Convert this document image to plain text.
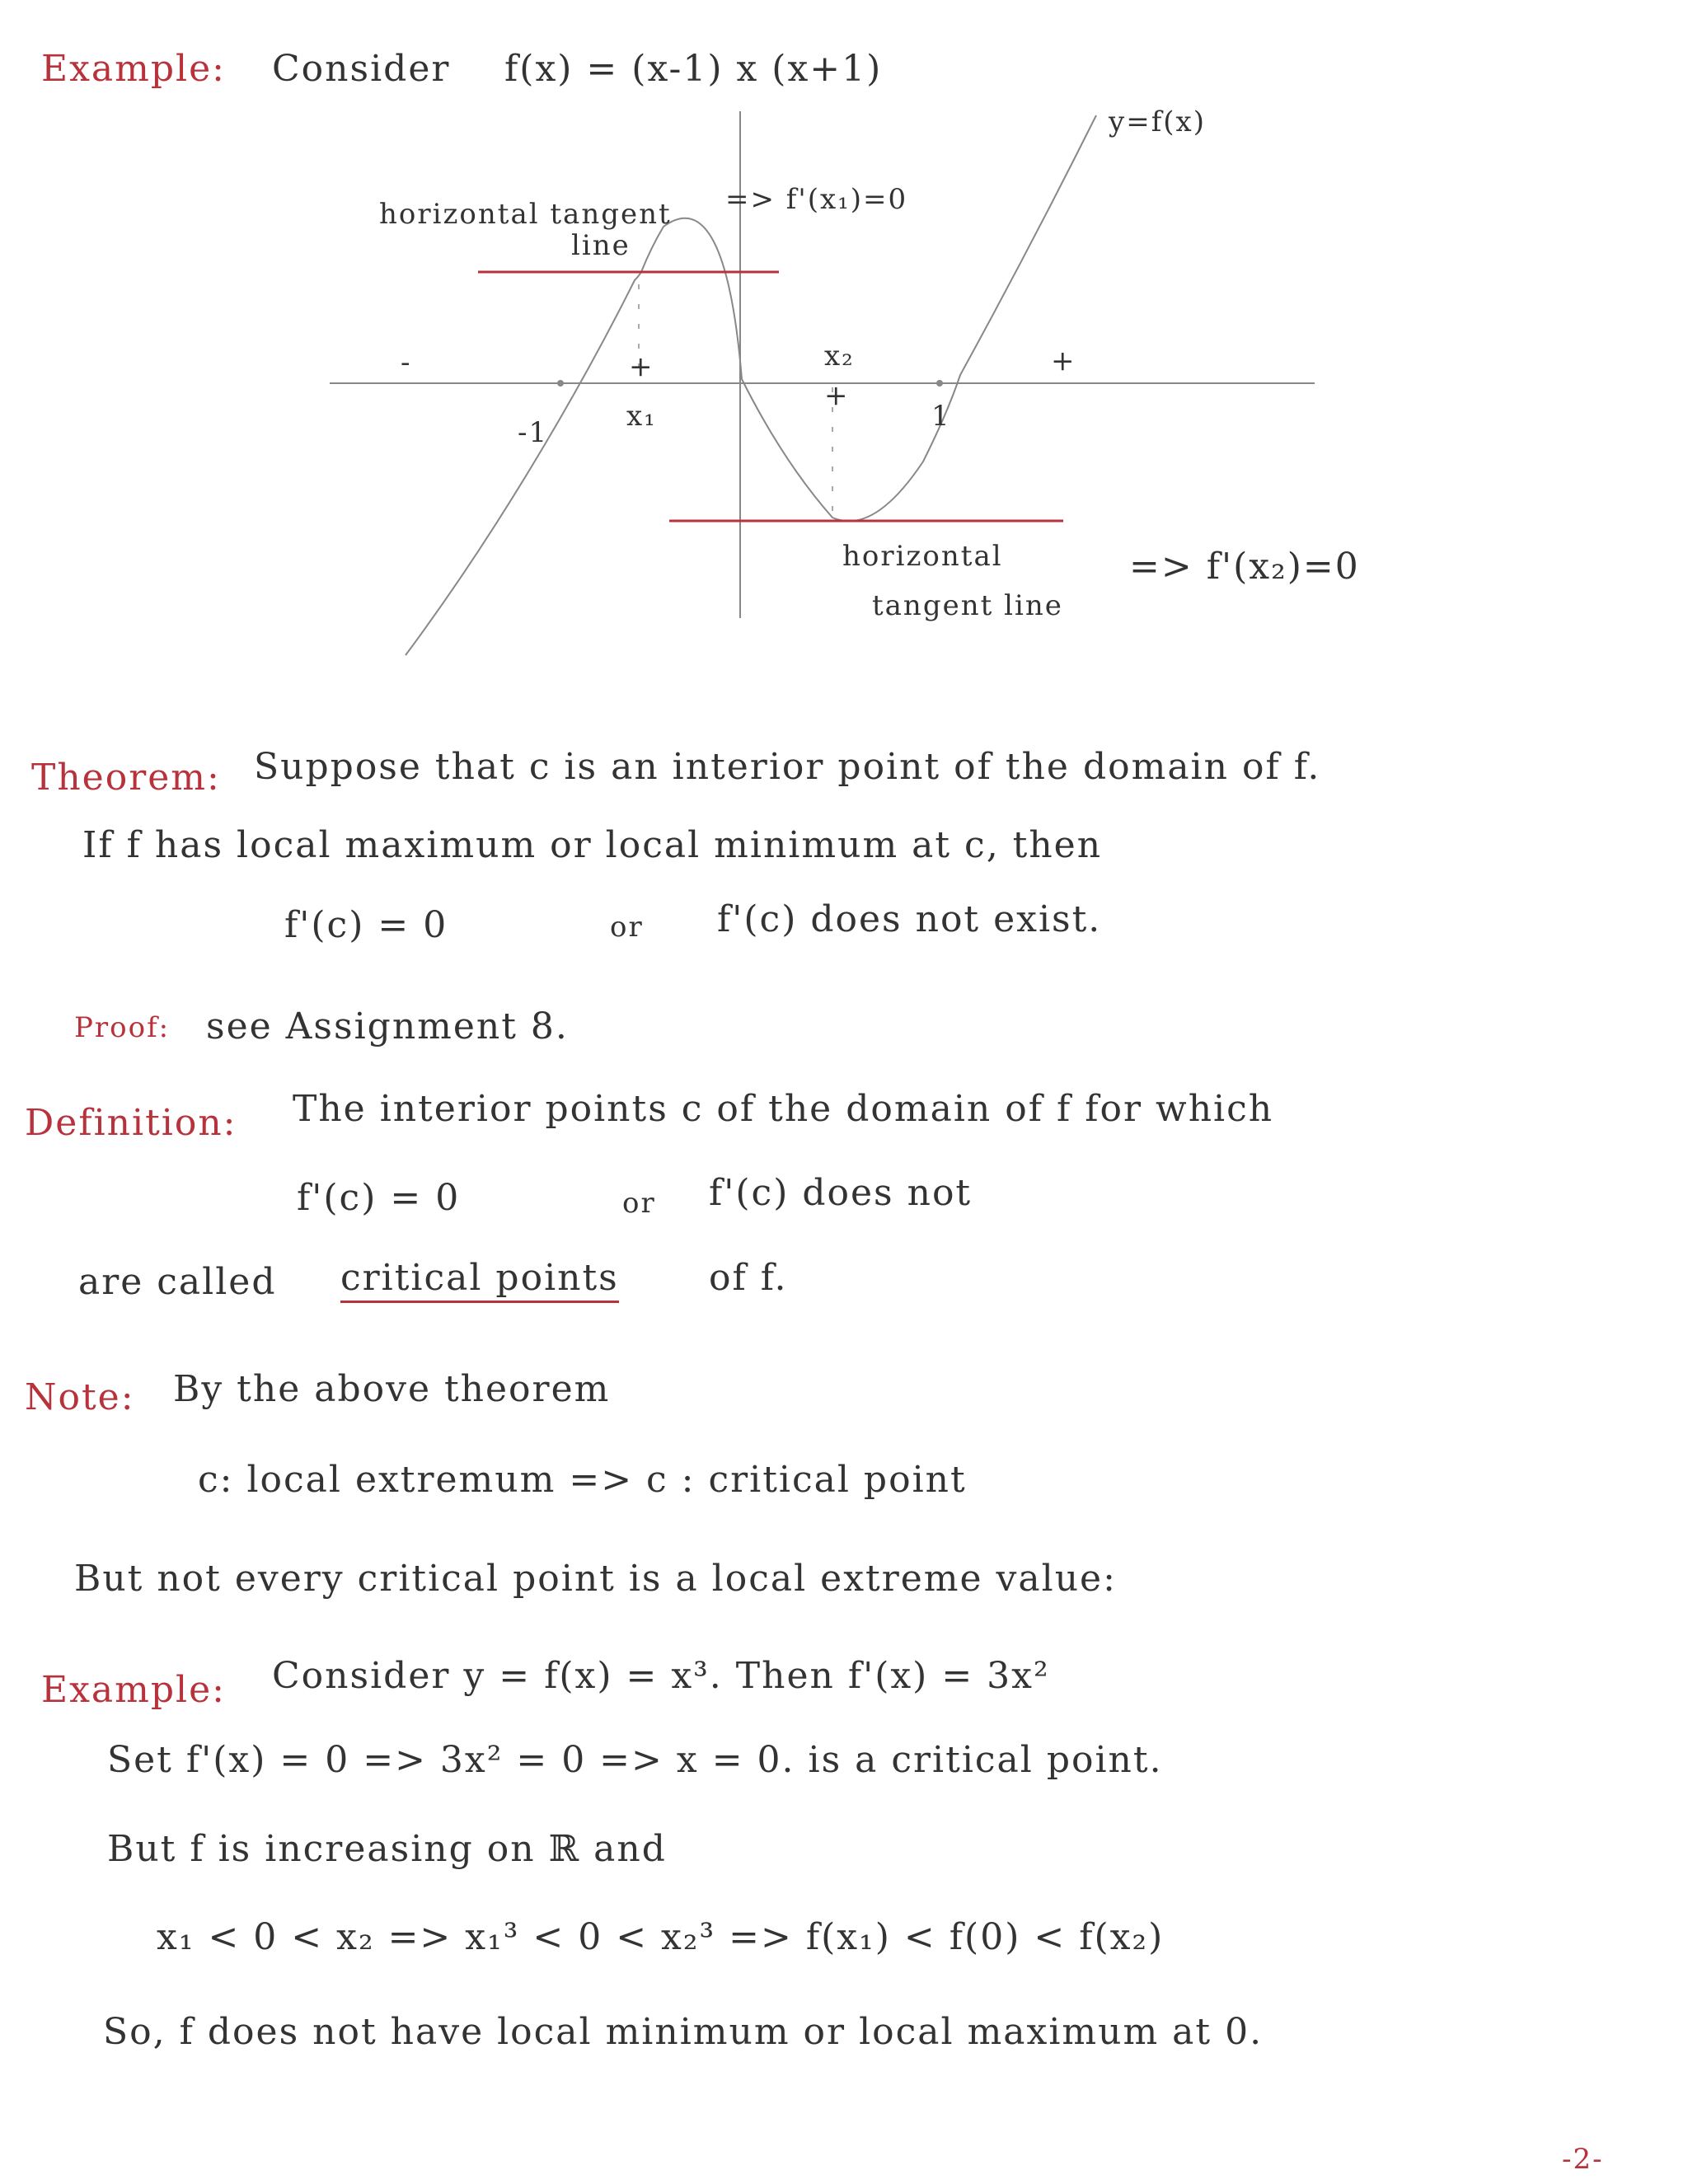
Example: Consider f(x) = (x-1) x (x+1)
y=f(x)
horizontal tangent
line
=> f'(x₁)=0
-	+
+
+
x₂
x₁
-1	1
horizontal
tangent line
=> f'(x₂)=0
Theorem: Suppose that c is an interior point of the domain of f.
If f has local maximum or local minimum at c, then
f'(c) = 0	or f'(c) does not exist.
Proof: see Assignment 8.
Definition: The interior points c of the domain of f for which
f'(c) = 0	or f'(c) does not
are called critical points of f.
Note: By the above theorem
c: local extremum => c : critical point
But not every critical point is a local extreme value:
Example: Consider y = f(x) = x³. Then f'(x) = 3x²
Set f'(x) = 0 => 3x² = 0 => x = 0. is a critical point.
But f is increasing on ℝ and
x₁ < 0 < x₂ => x₁³ < 0 < x₂³ => f(x₁) < f(0) < f(x₂)
So, f does not have local minimum or local maximum at 0.
-2-
